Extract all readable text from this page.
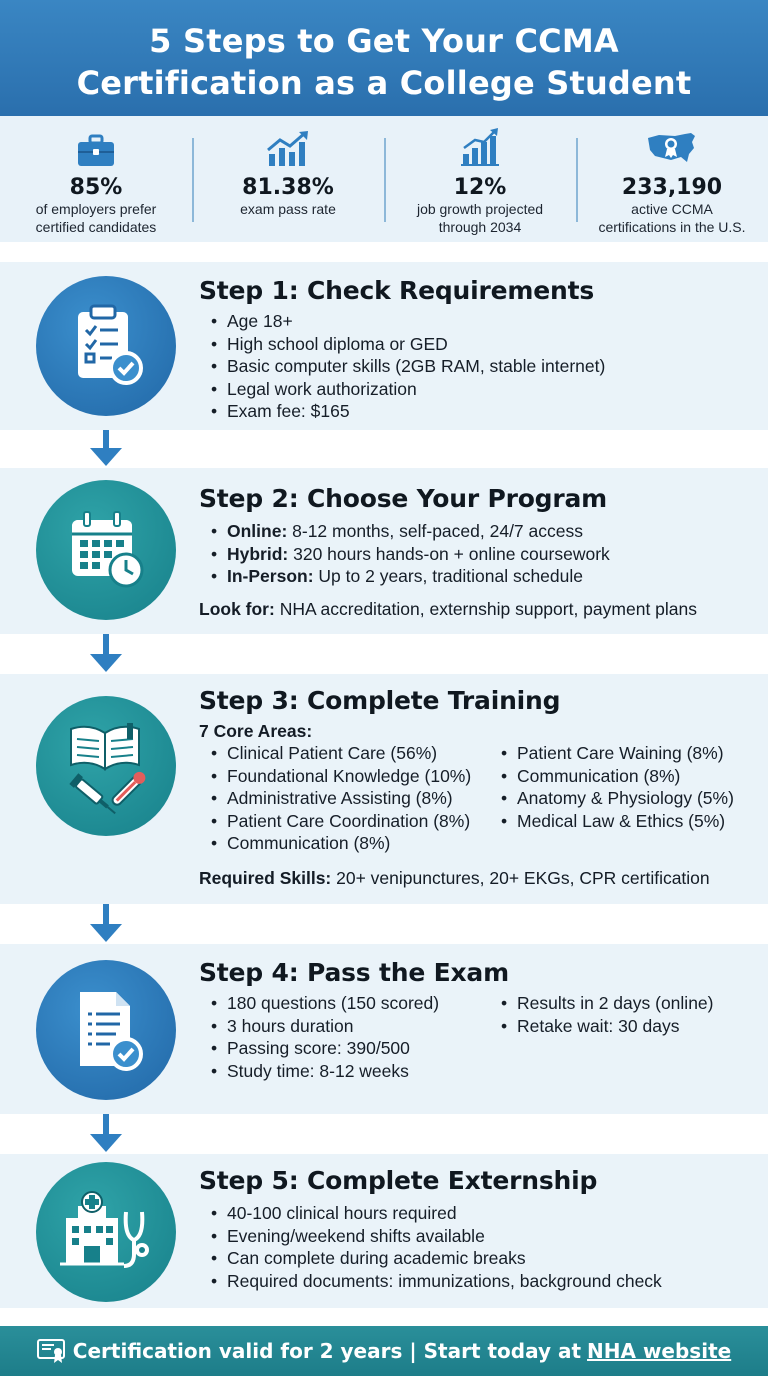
5 Steps to Get Your CCMA
Certification as a College Student
85%
of employers prefer
certified candidates
81.38%
exam pass rate
12%
job growth projected
through 2034
233,190
active CCMA
certifications in the U.S.
Step 1: Check Requirements
• Age 18+
• High school diploma or GED
• Basic computer skills (2GB RAM, stable internet)
• Legal work authorization
• Exam fee: $165
Step 2: Choose Your Program
• Online: 8-12 months, self-paced, 24/7 access
• Hybrid: 320 hours hands-on + online coursework
• In-Person: Up to 2 years, traditional schedule

Look for: NHA accreditation, externship support, payment plans

Step 3: Complete Training

7 Core Areas:

• Clinical Patient Care (56%)
• Foundational Knowledge (10%)
• Administrative Assisting (8%)
• Patient Care Coordination (8%)
• Communication (8%)
• Patient Care Waining (8%)
• Communication (8%)
• Anatomy & Physiology (5%)
• Medical Law & Ethics (5%)

Required Skills: 20+ venipunctures, 20+ EKGs, CPR certification

Step 4: Pass the Exam
• 180 questions (150 scored)
• 3 hours duration
• Passing score: 390/500
• Study time: 8-12 weeks
• Results in 2 days (online)
• Retake wait: 30 days
Step 5: Complete Externship
• 40-100 clinical hours required
• Evening/weekend shifts available
• Can complete during academic breaks
• Required documents: immunizations, background check
Certification valid for 2 years | Start today at NHA website
